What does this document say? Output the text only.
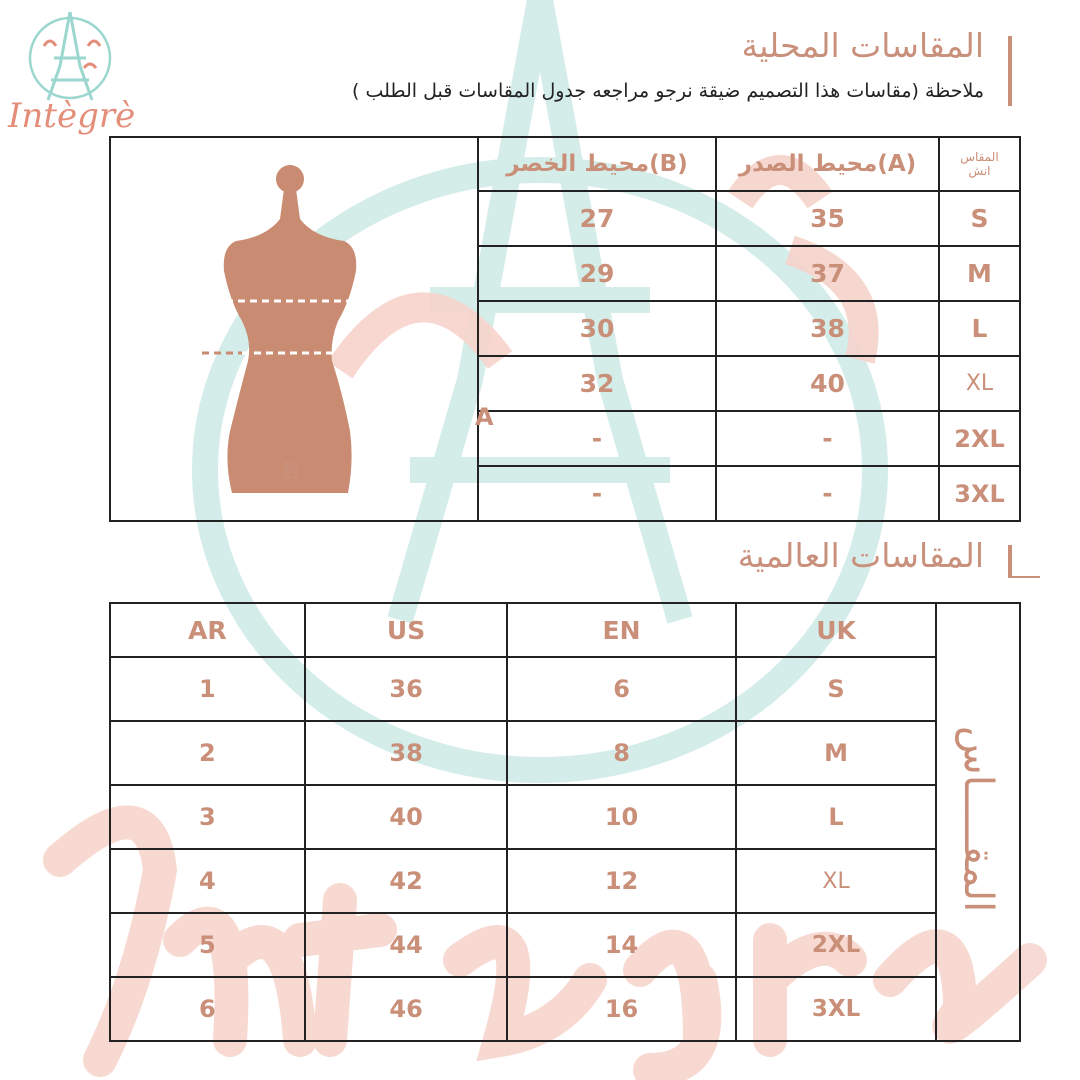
Intègrè
المقاسات المحلية
ملاحظة (مقاسات هذا التصميم ضيقة نرجو مراجعه جدول المقاسات قبل الطلب )
A
B	محيط الخصر(B)	محيط الصدر(A)	المقاس
انش

	27	35	S
	29	37	M
	30	38	L
	32	40	XL
	-	-	2XL
	-	-	3XL
المقاسات العالمية
AR	US	EN	UK	المقـــــاس
1	36	6	S	
2	38	8	M	
3	40	10	L	
4	42	12	XL	
5	44	14	2XL	
6	46	16	3XL	
